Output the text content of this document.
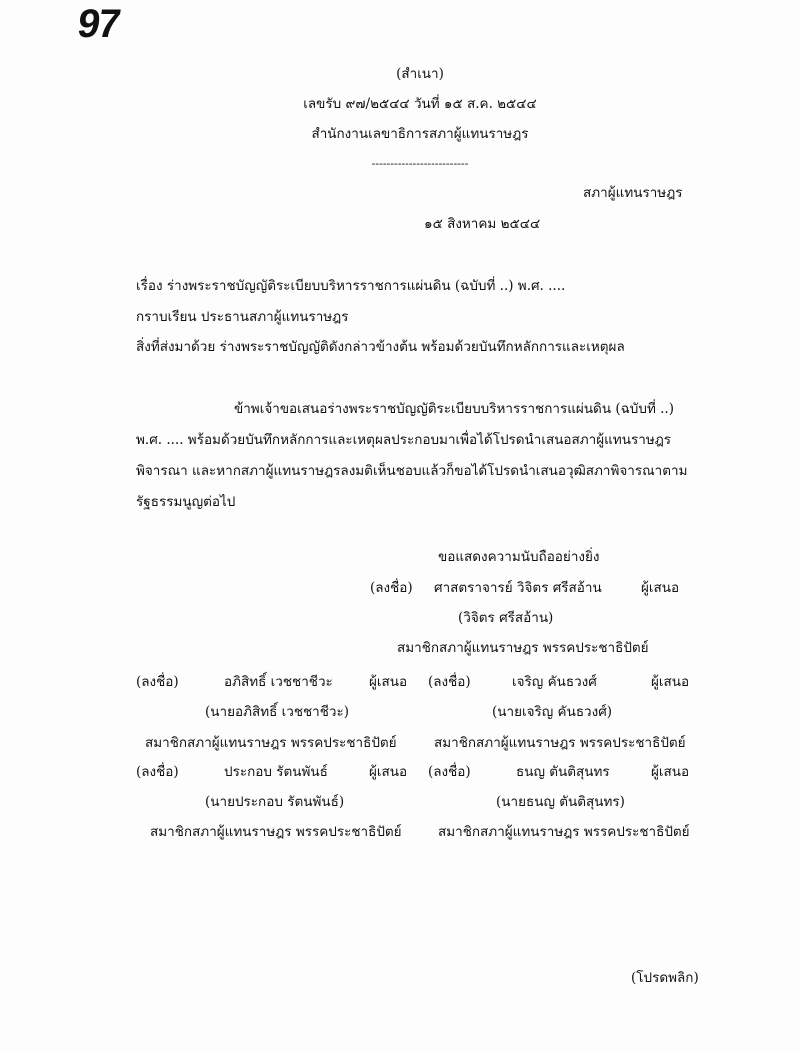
97
(สำเนา)
เลขรับ ๙๗/๒๕๔๔ วันที่ ๑๕ ส.ค. ๒๕๔๔
สำนักงานเลขาธิการสภาผู้แทนราษฎร
--------------------------
สภาผู้แทนราษฎร
๑๕ สิงหาคม ๒๕๔๔
เรื่อง ร่างพระราชบัญญัติระเบียบบริหารราชการแผ่นดิน (ฉบับที่ ..) พ.ศ. ....
กราบเรียน ประธานสภาผู้แทนราษฎร
สิ่งที่ส่งมาด้วย ร่างพระราชบัญญัติดังกล่าวข้างต้น พร้อมด้วยบันทึกหลักการและเหตุผล
ข้าพเจ้าขอเสนอร่างพระราชบัญญัติระเบียบบริหารราชการแผ่นดิน (ฉบับที่ ..)
พ.ศ. .... พร้อมด้วยบันทึกหลักการและเหตุผลประกอบมาเพื่อได้โปรดนำเสนอสภาผู้แทนราษฎร
พิจารณา และหากสภาผู้แทนราษฎรลงมติเห็นชอบแล้วก็ขอได้โปรดนำเสนอวุฒิสภาพิจารณาตาม
รัฐธรรมนูญต่อไป
ขอแสดงความนับถืออย่างยิ่ง
(ลงชื่อ) ศาสตราจารย์ วิจิตร ศรีสอ้าน	ผู้เสนอ
(วิจิตร ศรีสอ้าน)
สมาชิกสภาผู้แทนราษฎร พรรคประชาธิปัตย์
(ลงชื่อ)	อภิสิทธิ์ เวชชาชีวะ	ผู้เสนอ (ลงชื่อ)	เจริญ คันธวงศ์	ผู้เสนอ
(นายอภิสิทธิ์ เวชชาชีวะ)	(นายเจริญ คันธวงศ์)
สมาชิกสภาผู้แทนราษฎร พรรคประชาธิปัตย์	สมาชิกสภาผู้แทนราษฎร พรรคประชาธิปัตย์
(ลงชื่อ)	ประกอบ รัตนพันธ์	ผู้เสนอ (ลงชื่อ)	ธนญ ตันติสุนทร	ผู้เสนอ
(นายประกอบ รัตนพันธ์)	(นายธนญ ตันติสุนทร)
สมาชิกสภาผู้แทนราษฎร พรรคประชาธิปัตย์	สมาชิกสภาผู้แทนราษฎร พรรคประชาธิปัตย์
(โปรดพลิก)
